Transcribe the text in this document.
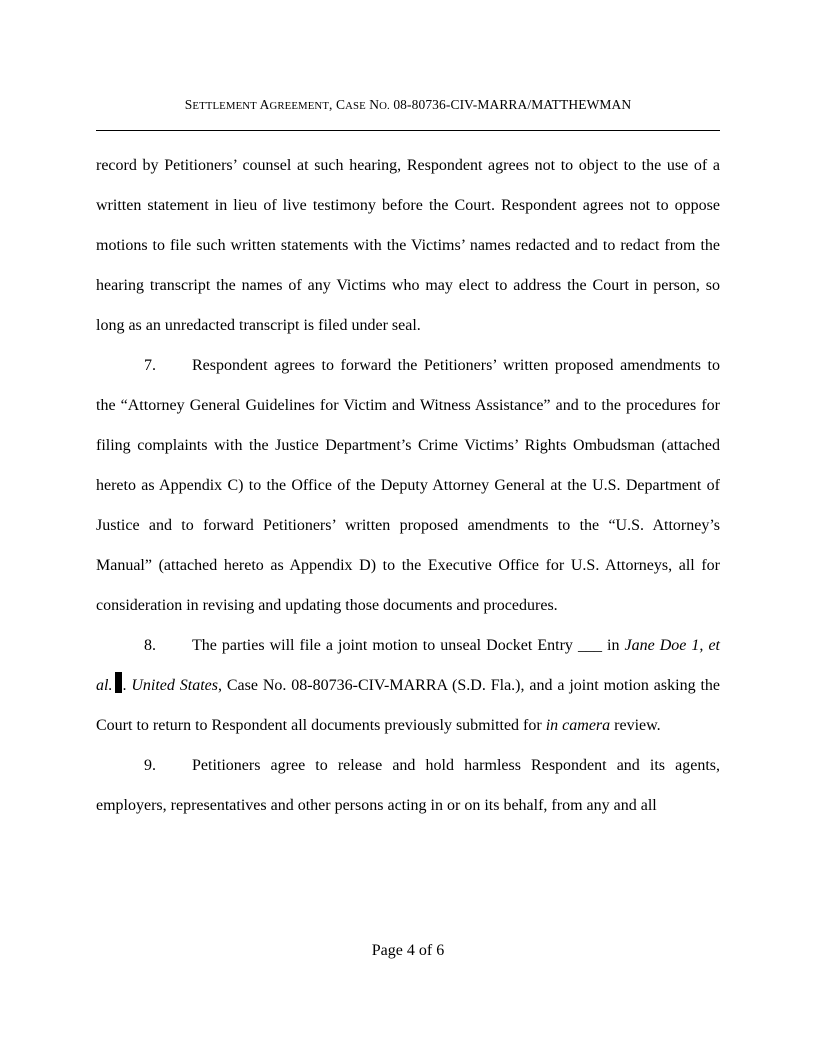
SETTLEMENT AGREEMENT, CASE NO. 08-80736-CIV-MARRA/MATTHEWMAN

record by Petitioners’ counsel at such hearing, Respondent agrees not to object to the use of a written statement in lieu of live testimony before the Court. Respondent agrees not to oppose motions to file such written statements with the Victims’ names redacted and to redact from the hearing transcript the names of any Victims who may elect to address the Court in person, so long as an unredacted transcript is filed under seal.

7. Respondent agrees to forward the Petitioners’ written proposed amendments to the “Attorney General Guidelines for Victim and Witness Assistance” and to the procedures for filing complaints with the Justice Department’s Crime Victims’ Rights Ombudsman (attached hereto as Appendix C) to the Office of the Deputy Attorney General at the U.S. Department of Justice and to forward Petitioners’ written proposed amendments to the “U.S. Attorney’s Manual” (attached hereto as Appendix D) to the Executive Office for U.S. Attorneys, all for consideration in revising and updating those documents and procedures.

8. The parties will file a joint motion to unseal Docket Entry ___ in Jane Doe 1, et al. . United States, Case No. 08-80736-CIV-MARRA (S.D. Fla.), and a joint motion asking the Court to return to Respondent all documents previously submitted for in camera review.

9. Petitioners agree to release and hold harmless Respondent and its agents, employers, representatives and other persons acting in or on its behalf, from any and all

Page 4 of 6
